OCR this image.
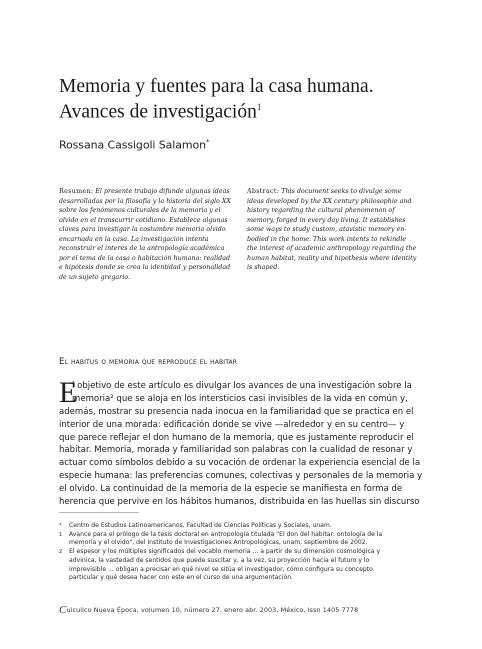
Memoria y fuentes para la casa humana.
Avances de investigación$^1$
Rossana Cassigoli Salamon*
Resumen: El presente trabajo difunde algunas ideas
desarrolladas por la filosofía y la historia del siglo XX
sobre los fenómenos culturales de la memoria y el
olvido en el transcurrir cotidiano. Establece algunas
claves para investigar la costumbre memoria olvido
encarnada en la casa. La investigación intenta
reconstruir el interés de la antropología académica
por el tema de la casa o habitación humana: realidad
e hipótesis donde se crea la identidad y personalidad
de un sujeto gregario.
Abstract: This document seeks to divulge some
ideas developed by the XX century philosophie and
history regarding the cultural phenomenon of
memory, forged in every day living. It establishes
some ways to study custom, atavistic memory en-
bodied in the home. This work intents to rekindle
the interest of academic anthropology regarding the
human habitat, reality and hipothesis where identity
is shaped.
El habitus o memoria que reproduce el habitar
E
l objetivo de este artículo es divulgar los avances de una investigación sobre la
memoria² que se aloja en los intersticios casi invisibles de la vida en común y,
además, mostrar su presencia nada inocua en la familiaridad que se practica en el
interior de una morada: edificación donde se vive —alrededor y en su centro— y
que parece reflejar el don humano de la memoria, que es justamente reproducir el
habitar. Memoria, morada y familiaridad son palabras con la cualidad de resonar y
actuar como símbolos debido a su vocación de ordenar la experiencia esencial de la
especie humana: las preferencias comunes, colectivas y personales de la memoria y
el olvido. La continuidad de la memoria de la especie se manifiesta en forma de
herencia que pervive en los hábitos humanos, distribuida en las huellas sin discurso
* Centro de Estudios Latinoamericanos, Facultad de Ciencias Políticas y Sociales, unam.
1 Avance para el prólogo de la tesis doctoral en antropología titulada "El don del habitar: ontología de la
memoria y el olvido", del Instituto de Investigaciones Antropológicas, unam, septiembre de 2002.
2 El espesor y los múltiples significados del vocablo memoria ... a partir de su dimensión cosmológica y
advinica, la vastedad de sentidos que puede suscitar y, a la vez, su proyección hacia el futuro y lo
imprevisible ... obligan a precisar en qué nivel se sitúa el investigador, cómo configura su concepto
particular y qué desea hacer con este en el curso de una argumentación.
Cuicuilco Nueva Época, volumen 10, número 27, enero abr. 2003, México, issn 1405 7778
